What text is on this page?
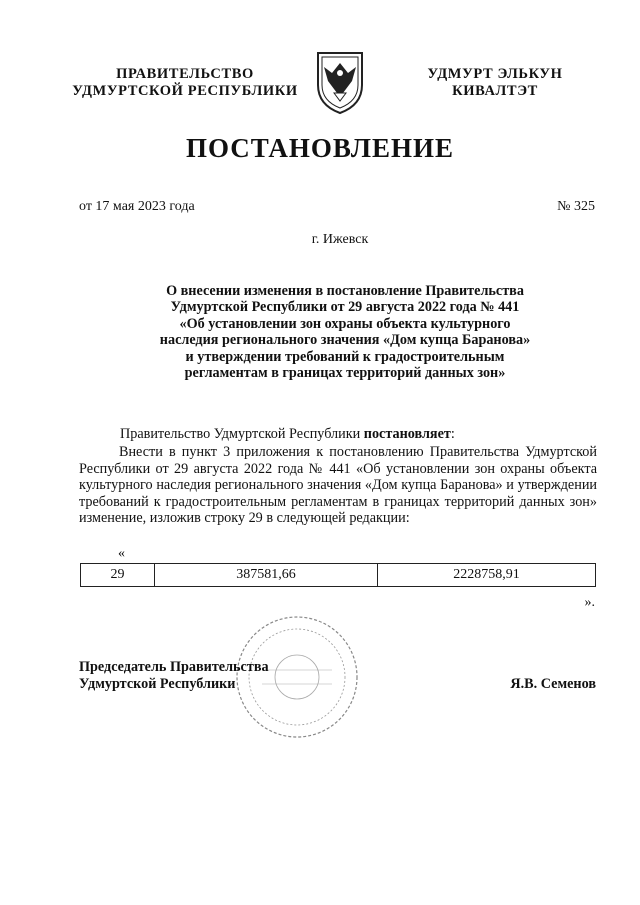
ПРАВИТЕЛЬСТВО
УДМУРТСКОЙ РЕСПУБЛИКИ
УДМУРТ ЭЛЬКУН
КИВАЛТЭТ
ПОСТАНОВЛЕНИЕ
от 17 мая 2023 года	№ 325
г. Ижевск
О внесении изменения в постановление Правительства
Удмуртской Республики от 29 августа 2022 года № 441
«Об установлении зон охраны объекта культурного
наследия регионального значения «Дом купца Баранова»
и утверждении требований к градостроительным
регламентам в границах территорий данных зон»
Правительство Удмуртской Республики постановляет:
Внести в пункт 3 приложения к постановлению Правительства Удмуртской Республики от 29 августа 2022 года № 441 «Об установлении зон охраны объекта культурного наследия регионального значения «Дом купца Баранова» и утверждении требований к градостроительным регламентам в границах территорий данных зон» изменение, изложив строку 29 в следующей редакции:
«
29	387581,66	2228758,91
».
Председатель Правительства
Удмуртской Республики	Я.В. Семенов
